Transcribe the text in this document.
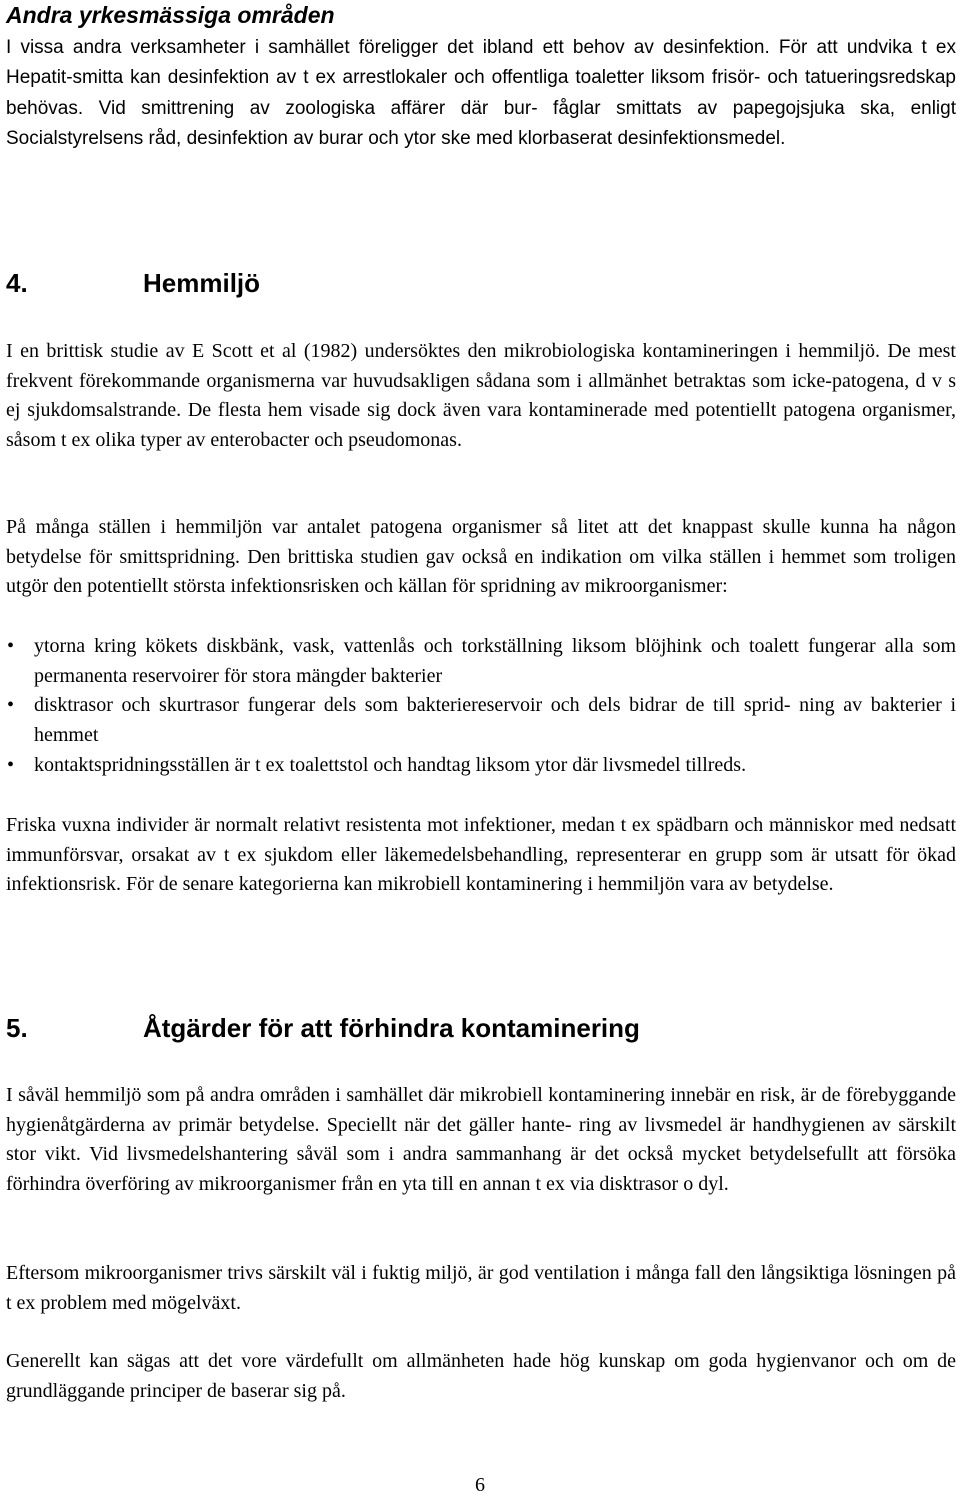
Andra yrkesmässiga områden

I vissa andra verksamheter i samhället föreligger det ibland ett behov av desinfektion. För att undvika t ex Hepatit-smitta kan desinfektion av t ex arrestlokaler och offentliga toaletter liksom frisör- och tatueringsredskap behövas. Vid smittrening av zoologiska affärer där bur- fåglar smittats av papegojsjuka ska, enligt Socialstyrelsens råd, desinfektion av burar och ytor ske med klorbaserat desinfektionsmedel.

4.	Hemmiljö

I en brittisk studie av E Scott et al (1982) undersöktes den mikrobiologiska kontamineringen i hemmiljö. De mest frekvent förekommande organismerna var huvudsakligen sådana som i allmänhet betraktas som icke-patogena, d v s ej sjukdomsalstrande. De flesta hem visade sig dock även vara kontaminerade med potentiellt patogena organismer, såsom t ex olika typer av enterobacter och pseudomonas.

På många ställen i hemmiljön var antalet patogena organismer så litet att det knappast skulle kunna ha någon betydelse för smittspridning. Den brittiska studien gav också en indikation om vilka ställen i hemmet som troligen utgör den potentiellt största infektionsrisken och källan för spridning av mikroorganismer:

• ytorna kring kökets diskbänk, vask, vattenlås och torkställning liksom blöjhink och toalett fungerar alla som permanenta reservoirer för stora mängder bakterier
• disktrasor och skurtrasor fungerar dels som bakteriereservoir och dels bidrar de till sprid- ning av bakterier i hemmet
• kontaktspridningsställen är t ex toalettstol och handtag liksom ytor där livsmedel tillreds.

Friska vuxna individer är normalt relativt resistenta mot infektioner, medan t ex spädbarn och människor med nedsatt immunförsvar, orsakat av t ex sjukdom eller läkemedelsbehandling, representerar en grupp som är utsatt för ökad infektionsrisk. För de senare kategorierna kan mikrobiell kontaminering i hemmiljön vara av betydelse.

5.	Åtgärder för att förhindra kontaminering

I såväl hemmiljö som på andra områden i samhället där mikrobiell kontaminering innebär en risk, är de förebyggande hygienåtgärderna av primär betydelse. Speciellt när det gäller hante- ring av livsmedel är handhygienen av särskilt stor vikt. Vid livsmedelshantering såväl som i andra sammanhang är det också mycket betydelsefullt att försöka förhindra överföring av mikroorganismer från en yta till en annan t ex via disktrasor o dyl.

Eftersom mikroorganismer trivs särskilt väl i fuktig miljö, är god ventilation i många fall den långsiktiga lösningen på t ex problem med mögelväxt.

Generellt kan sägas att det vore värdefullt om allmänheten hade hög kunskap om goda hygienvanor och om de grundläggande principer de baserar sig på.

6
